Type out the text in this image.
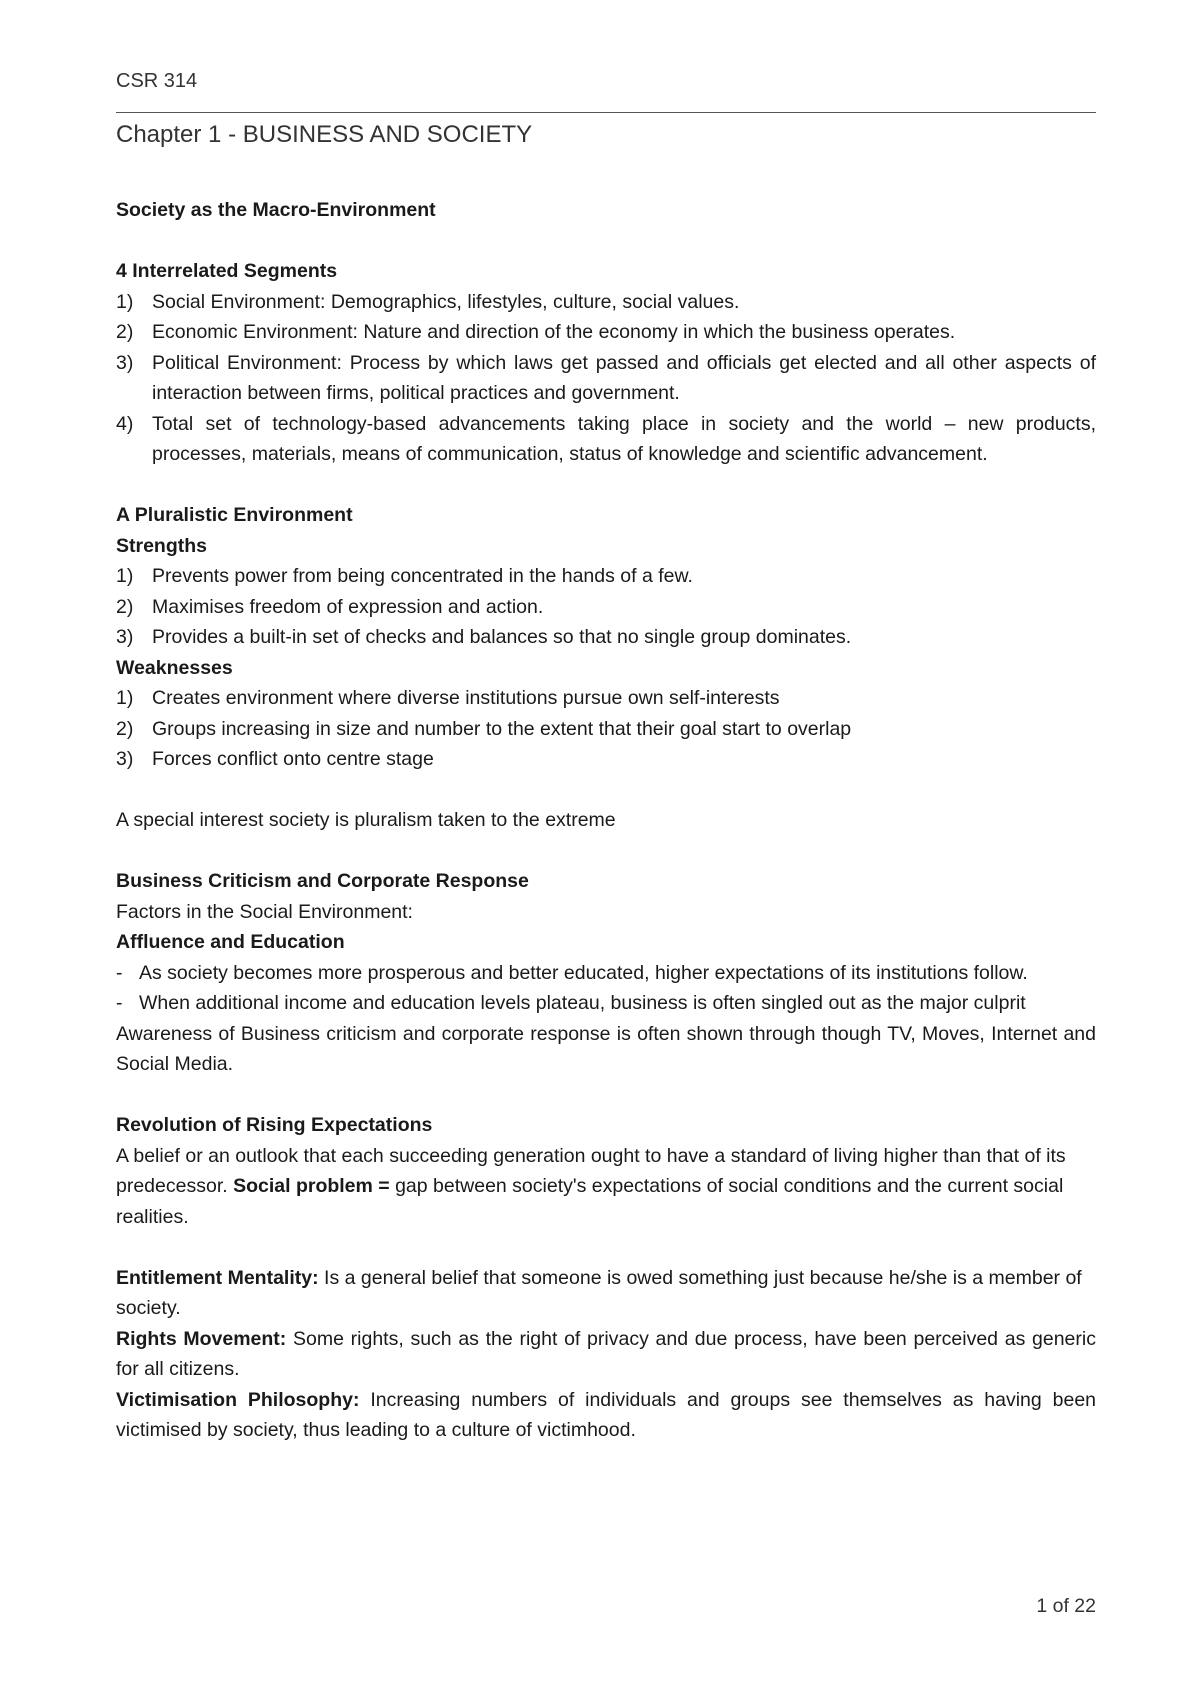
CSR 314
Chapter 1 - BUSINESS AND SOCIETY

Society as the Macro-Environment

4 Interrelated Segments

1) Social Environment: Demographics, lifestyles, culture, social values.
2) Economic Environment: Nature and direction of the economy in which the business operates.
3) Political Environment: Process by which laws get passed and officials get elected and all other aspects of interaction between firms, political practices and government.
4) Total set of technology-based advancements taking place in society and the world – new products, processes, materials, means of communication, status of knowledge and scientific advancement.

A Pluralistic Environment

Strengths

1) Prevents power from being concentrated in the hands of a few.
2) Maximises freedom of expression and action.
3) Provides a built-in set of checks and balances so that no single group dominates.

Weaknesses

1) Creates environment where diverse institutions pursue own self-interests
2) Groups increasing in size and number to the extent that their goal start to overlap
3) Forces conflict onto centre stage

A special interest society is pluralism taken to the extreme

Business Criticism and Corporate Response

Factors in the Social Environment:

Affluence and Education

- As society becomes more prosperous and better educated, higher expectations of its institutions follow.
- When additional income and education levels plateau, business is often singled out as the major culprit

Awareness of Business criticism and corporate response is often shown through though TV, Moves, Internet and Social Media.

Revolution of Rising Expectations

A belief or an outlook that each succeeding generation ought to have a standard of living higher than that of its predecessor. Social problem = gap between society's expectations of social conditions and the current social realities.

Entitlement Mentality: Is a general belief that someone is owed something just because he/she is a member of society.

Rights Movement: Some rights, such as the right of privacy and due process, have been perceived as generic for all citizens.

Victimisation Philosophy: Increasing numbers of individuals and groups see themselves as having been victimised by society, thus leading to a culture of victimhood.

1 of 22
